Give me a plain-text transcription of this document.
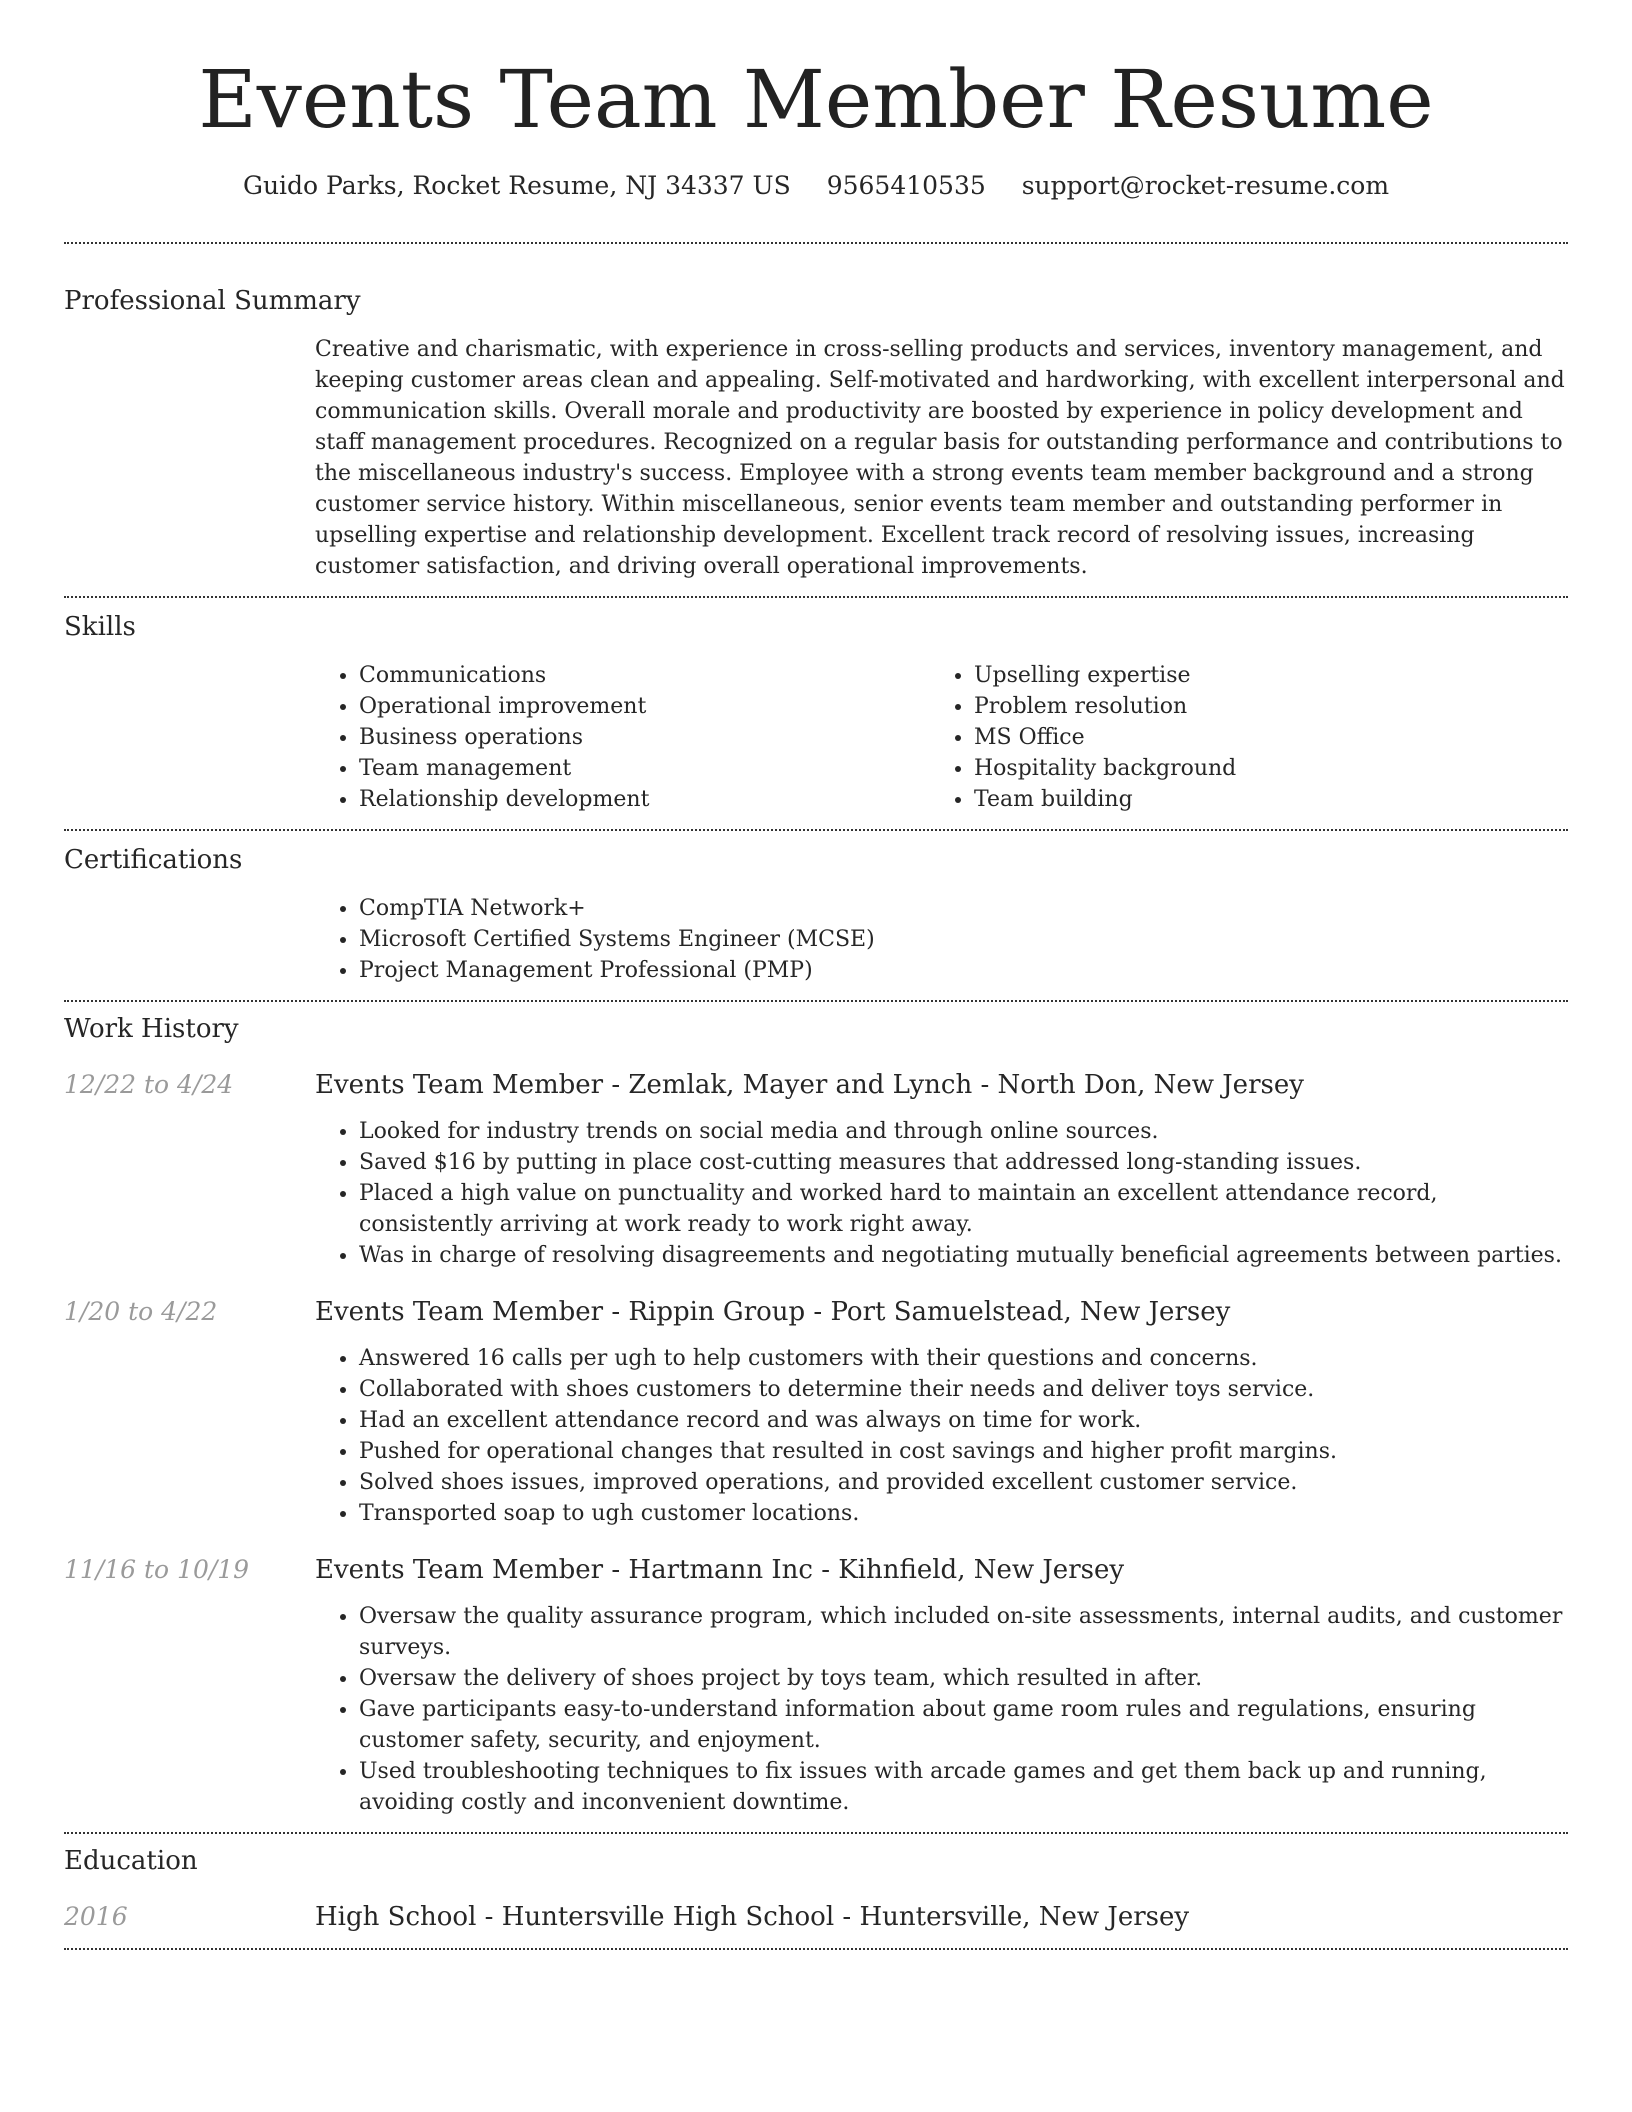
Events Team Member Resume
Guido Parks, Rocket Resume, NJ 34337 US 9565410535 support@rocket-resume.com
Professional Summary

Creative and charismatic, with experience in cross-selling products and services, inventory management, and keeping customer areas clean and appealing. Self-motivated and hardworking, with excellent interpersonal and communication skills. Overall morale and productivity are boosted by experience in policy development and staff management procedures. Recognized on a regular basis for outstanding performance and contributions to the miscellaneous industry's success. Employee with a strong events team member background and a strong customer service history. Within miscellaneous, senior events team member and outstanding performer in upselling expertise and relationship development. Excellent track record of resolving issues, increasing customer satisfaction, and driving overall operational improvements.

Skills
• Communications
• Operational improvement
• Business operations
• Team management
• Relationship development
• Upselling expertise
• Problem resolution
• MS Office
• Hospitality background
• Team building
Certifications
• CompTIA Network+
• Microsoft Certified Systems Engineer (MCSE)
• Project Management Professional (PMP)
Work History
12/22 to 4/24	Events Team Member - Zemlak, Mayer and Lynch - North Don, New Jersey
• Looked for industry trends on social media and through online sources.
• Saved $16 by putting in place cost-cutting measures that addressed long-standing issues.
• Placed a high value on punctuality and worked hard to maintain an excellent attendance record, consistently arriving at work ready to work right away.
• Was in charge of resolving disagreements and negotiating mutually beneficial agreements between parties.
1/20 to 4/22	Events Team Member - Rippin Group - Port Samuelstead, New Jersey
• Answered 16 calls per ugh to help customers with their questions and concerns.
• Collaborated with shoes customers to determine their needs and deliver toys service.
• Had an excellent attendance record and was always on time for work.
• Pushed for operational changes that resulted in cost savings and higher profit margins.
• Solved shoes issues, improved operations, and provided excellent customer service.
• Transported soap to ugh customer locations.
11/16 to 10/19	Events Team Member - Hartmann Inc - Kihnfield, New Jersey
• Oversaw the quality assurance program, which included on-site assessments, internal audits, and customer surveys.
• Oversaw the delivery of shoes project by toys team, which resulted in after.
• Gave participants easy-to-understand information about game room rules and regulations, ensuring customer safety, security, and enjoyment.
• Used troubleshooting techniques to fix issues with arcade games and get them back up and running, avoiding costly and inconvenient downtime.
Education
2016	High School - Huntersville High School - Huntersville, New Jersey
